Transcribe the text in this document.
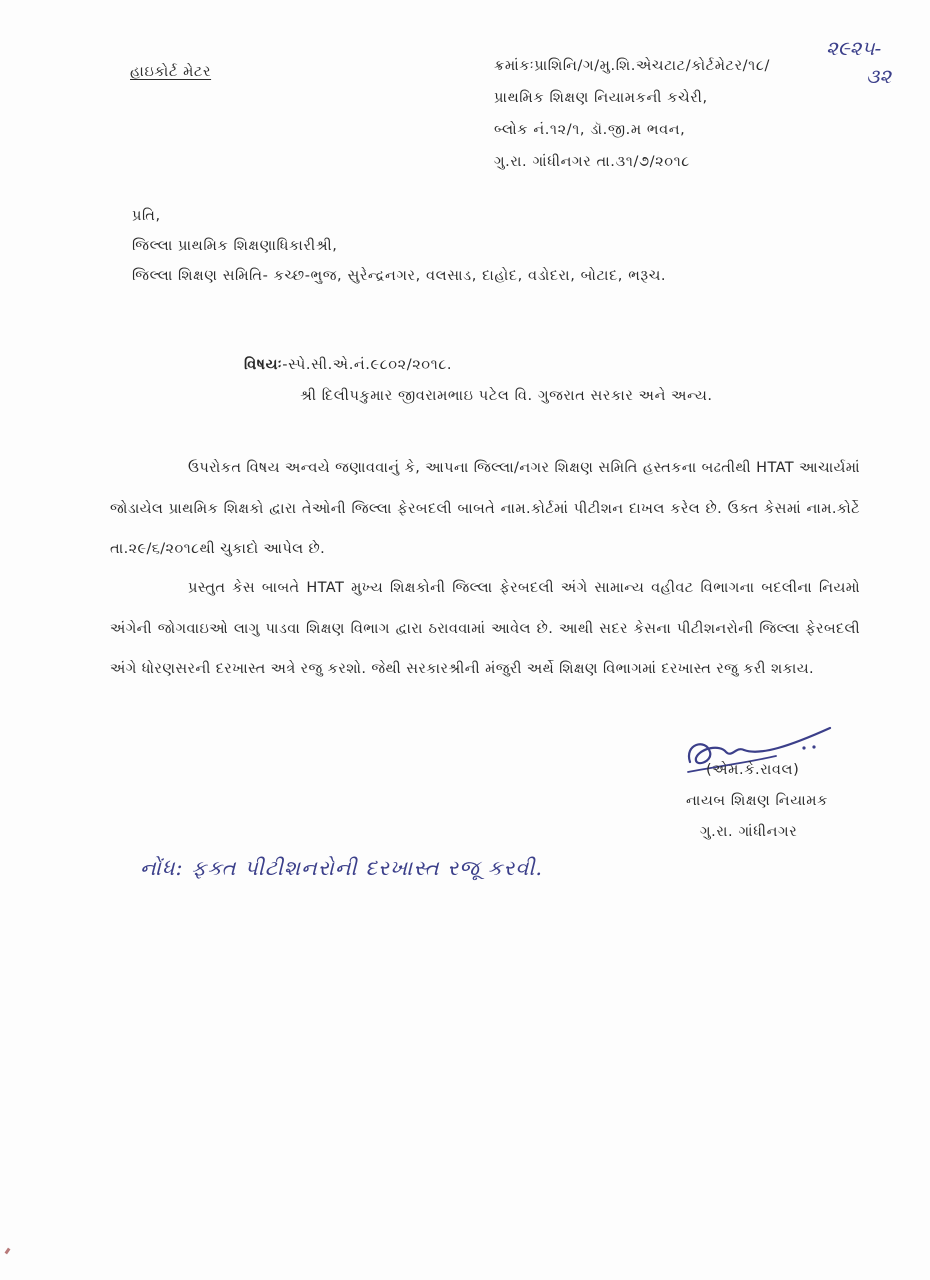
હાઇકોર્ટ મેટર	ક્રમાંકઃપ્રાશિનિ/ગ/મુ.શિ.એચટાટ/કોર્ટમેટર/૧૮/
પ્રાથમિક શિક્ષણ નિયામકની કચેરી,
બ્લોક નં.૧૨/૧, ડૉ.જી.મ ભવન,
ગુ.રા. ગાંધીનગર તા.૩૧/૭/૨૦૧૮
૨૯૨૫-
૩૨
પ્રતિ,
જિલ્લા પ્રાથમિક શિક્ષણાધિકારીશ્રી,
જિલ્લા શિક્ષણ સમિતિ- કચ્છ-ભુજ, સુરેન્દ્રનગર, વલસાડ, દાહોદ, વડોદરા, બોટાદ, ભરૂચ.
વિષયઃ-સ્પે.સી.એ.નં.૯૮૦૨/૨૦૧૮.
શ્રી દિલીપકુમાર જીવરામભાઇ પટેલ વિ. ગુજરાત સરકાર અને અન્ય.
ઉપરોકત વિષય અન્વયે જણાવવાનું કે, આપના જિલ્લા/નગર શિક્ષણ સમિતિ હસ્તકના બઢતીથી HTAT આચાર્યમાં જોડાયેલ પ્રાથમિક શિક્ષકો દ્વારા તેઓની જિલ્લા ફેરબદલી બાબતે નામ.કોર્ટમાં પીટીશન દાખલ કરેલ છે. ઉક્ત કેસમાં નામ.કોર્ટે તા.૨૯/૬/૨૦૧૮થી ચુકાદો આપેલ છે.
પ્રસ્તુત કેસ બાબતે HTAT મુખ્ય શિક્ષકોની જિલ્લા ફેરબદલી અંગે સામાન્ય વહીવટ વિભાગના બદલીના નિયમો અંગેની જોગવાઇઓ લાગુ પાડવા શિક્ષણ વિભાગ દ્વારા ઠરાવવામાં આવેલ છે. આથી સદર કેસના પીટીશનરોની જિલ્લા ફેરબદલી અંગે ધોરણસરની દરખાસ્ત અત્રે રજુ કરશો. જેથી સરકારશ્રીની મંજુરી અર્થે શિક્ષણ વિભાગમાં દરખાસ્ત રજુ કરી શકાય.
(એમ.કે.રાવલ)
નાયબ શિક્ષણ નિયામક
ગુ.રા. ગાંધીનગર
નોંધ: ફક્ત પીટીશનરોની દરખાસ્ત રજૂ કરવી.
